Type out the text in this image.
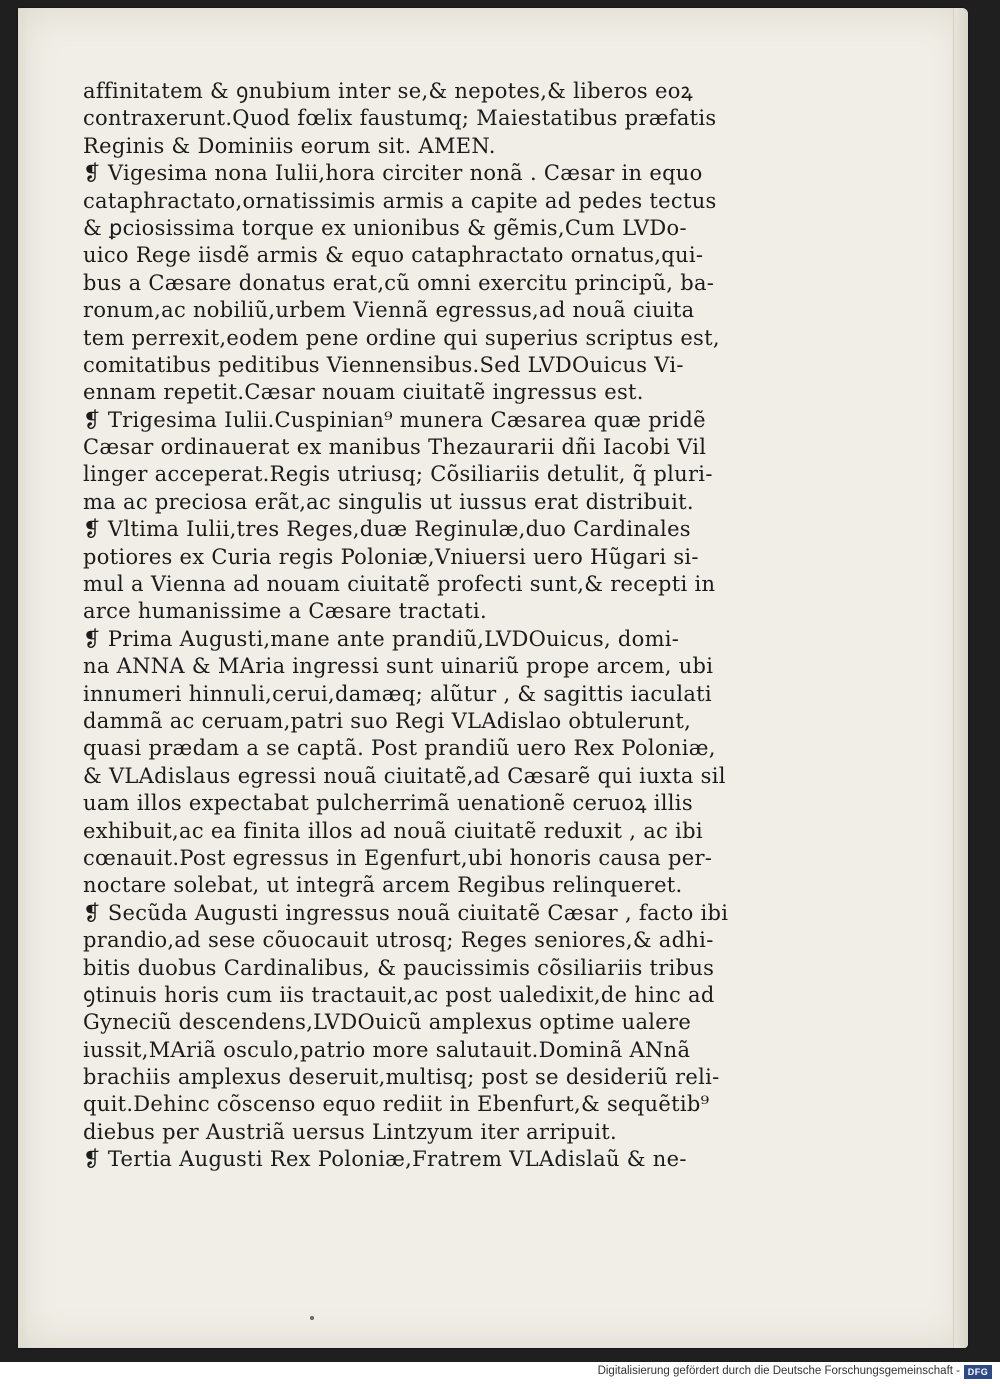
affinitatem & ꝯnubium inter se,& nepotes,& liberos eoꝝ
contraxerunt.Quod fœlix faustumq; Maiestatibus præfatis
Reginis & Dominiis eorum sit. AMEN.
❡ Vigesima nona Iulii,hora circiter nonã . Cæsar in equo
cataphractato,ornatissimis armis a capite ad pedes tectus
& ꝑciosissima torque ex unionibus & gẽmis,Cum LVDo-
uico Rege iisdẽ armis & equo cataphractato ornatus,qui-
bus a Cæsare donatus erat,cũ omni exercitu principũ, ba-
ronum,ac nobiliũ,urbem Viennã egressus,ad nouã ciuita
tem perrexit,eodem pene ordine qui superius scriptus est,
comitatibus peditibus Viennensibus.Sed LVDOuicus Vi-
ennam repetit.Cæsar nouam ciuitatẽ ingressus est.
❡ Trigesima Iulii.Cuspinian⁹ munera Cæsarea quæ pridẽ
Cæsar ordinauerat ex manibus Thezaurarii dñi Iacobi Vil
linger acceperat.Regis utriusq; Cõsiliariis detulit, q̃ pluri-
ma ac preciosa erãt,ac singulis ut iussus erat distribuit.
❡ Vltima Iulii,tres Reges,duæ Reginulæ,duo Cardinales
potiores ex Curia regis Poloniæ,Vniuersi uero Hũgari si-
mul a Vienna ad nouam ciuitatẽ profecti sunt,& recepti in
arce humanissime a Cæsare tractati.
❡ Prima Augusti,mane ante prandiũ,LVDOuicus, domi-
na ANNA & MAria ingressi sunt uinariũ prope arcem, ubi
innumeri hinnuli,cerui,damæq; alũtur , & sagittis iaculati
dammã ac ceruam,patri suo Regi VLAdislao obtulerunt,
quasi prædam a se captã. Post prandiũ uero Rex Poloniæ,
& VLAdislaus egressi nouã ciuitatẽ,ad Cæsarẽ qui iuxta sil
uam illos expectabat pulcherrimã uenationẽ ceruoꝝ illis
exhibuit,ac ea finita illos ad nouã ciuitatẽ reduxit , ac ibi
cœnauit.Post egressus in Egenfurt,ubi honoris causa per-
noctare solebat, ut integrã arcem Regibus relinqueret.
❡ Secũda Augusti ingressus nouã ciuitatẽ Cæsar , facto ibi
prandio,ad sese cõuocauit utrosq; Reges seniores,& adhi-
bitis duobus Cardinalibus, & paucissimis cõsiliariis tribus
ꝯtinuis horis cum iis tractauit,ac post ualedixit,de hinc ad
Gyneciũ descendens,LVDOuicũ amplexus optime ualere
iussit,MAriã osculo,patrio more salutauit.Dominã ANnã
brachiis amplexus deseruit,multisq; post se desideriũ reli-
quit.Dehinc cõscenso equo rediit in Ebenfurt,& sequẽtib⁹
diebus per Austriã uersus Lintzyum iter arripuit.
❡ Tertia Augusti Rex Poloniæ,Fratrem VLAdislaũ & ne-
Digitalisierung gefördert durch die Deutsche Forschungsgemeinschaft - DFG
